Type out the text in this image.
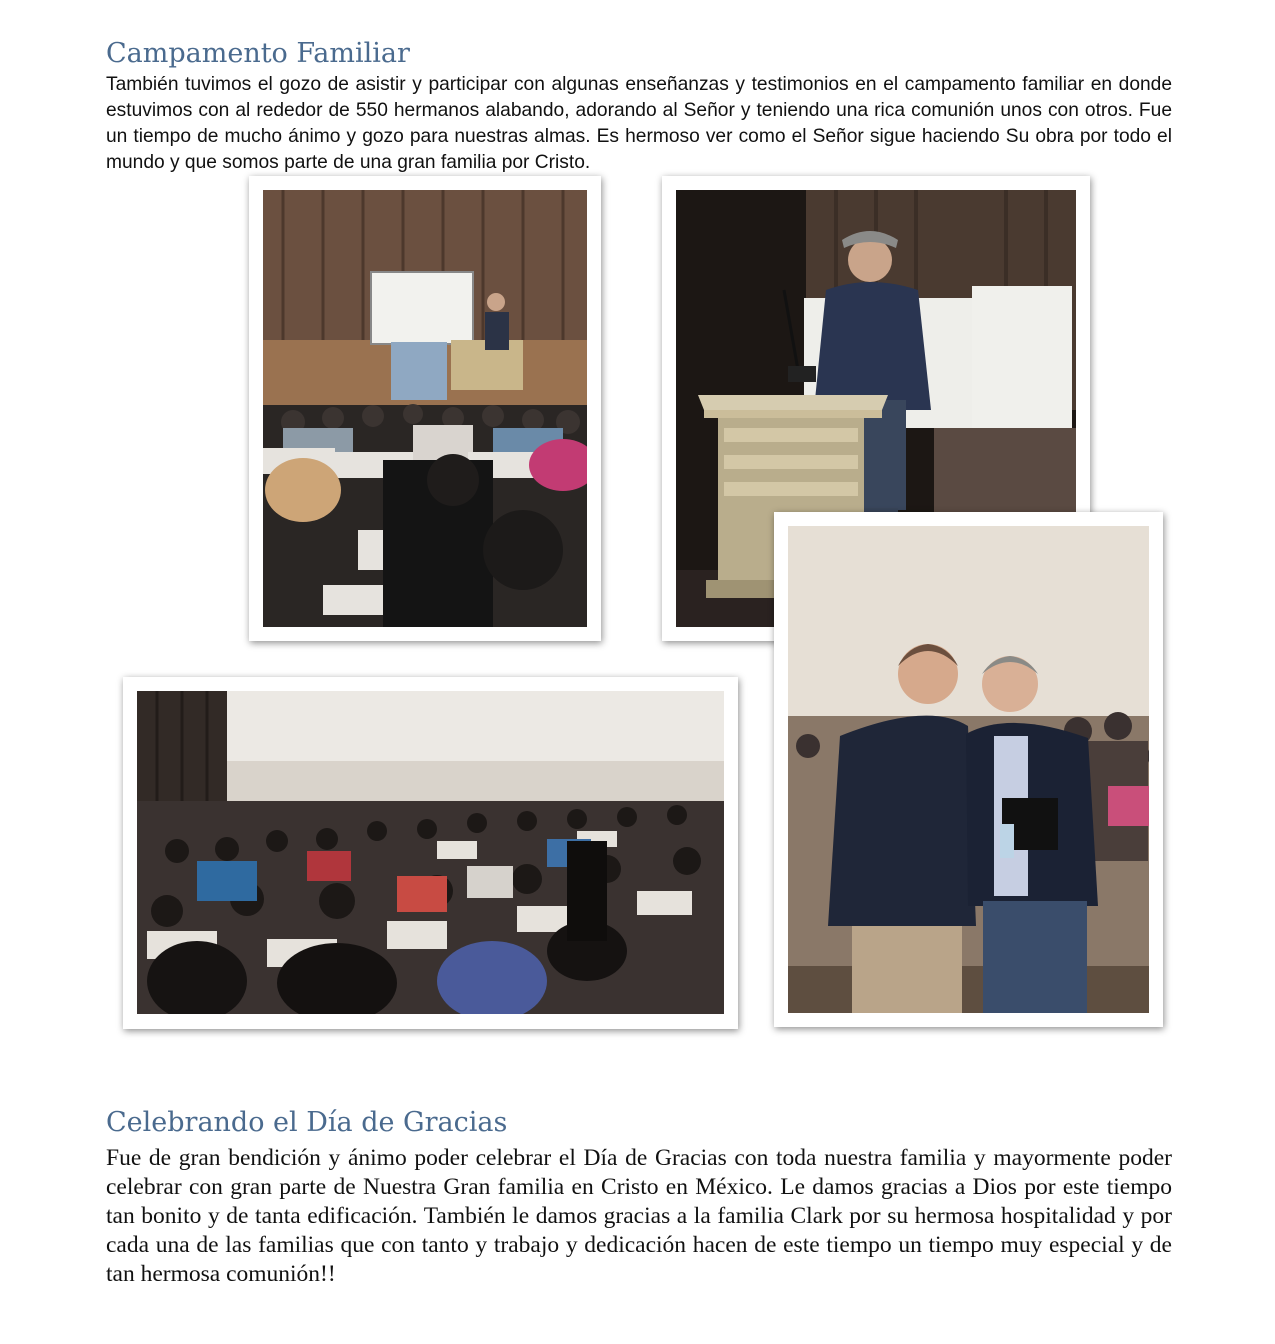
Campamento Familiar

También tuvimos el gozo de asistir y participar con algunas enseñanzas y testimonios en el campamento familiar en donde estuvimos con al rededor de 550 hermanos alabando, adorando al Señor y teniendo una rica comunión unos con otros. Fue un tiempo de mucho ánimo y gozo para nuestras almas. Es hermoso ver como el Señor sigue haciendo Su obra por todo el mundo y que somos parte de una gran familia por Cristo.

Celebrando el Día de Gracias

Fue de gran bendición y ánimo poder celebrar el Día de Gracias con toda nuestra familia y mayormente poder celebrar con gran parte de Nuestra Gran familia en Cristo en México. Le damos gracias a Dios por este tiempo tan bonito y de tanta edificación. También le damos gracias a la familia Clark por su hermosa hospitalidad y por cada una de las familias que con tanto y trabajo y dedicación hacen de este tiempo un tiempo muy especial y de tan hermosa comunión!!
